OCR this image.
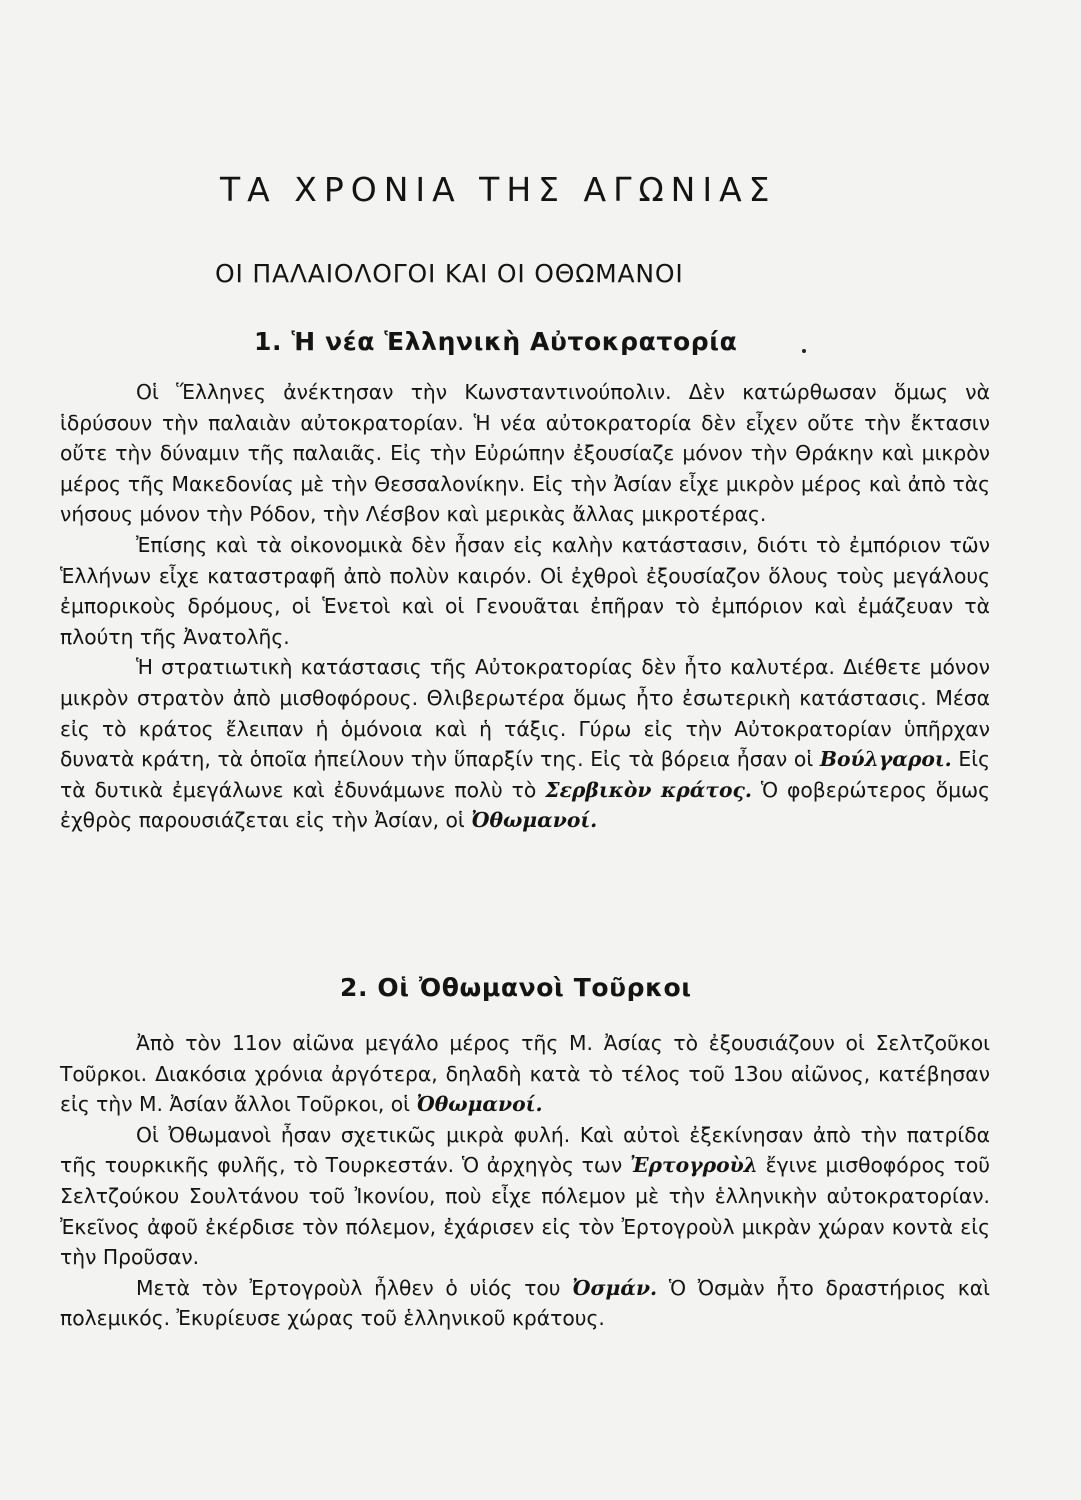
ΤΑ ΧΡΟΝΙΑ ΤΗΣ ΑΓΩΝΙΑΣ
ΟΙ ΠΑΛΑΙΟΛΟΓΟΙ ΚΑΙ ΟΙ ΟΘΩΜΑΝΟΙ
1. Ἡ νέα Ἑλληνικὴ Αὐτοκρατορία

Οἱ Ἕλληνες ἀνέκτησαν τὴν Κωνσταντινούπολιν. Δὲν κατώρθωσαν ὅμως νὰ ἱδρύσουν τὴν παλαιὰν αὐτοκρατορίαν. Ἡ νέα αὐτοκρατορία δὲν εἶχεν οὔτε τὴν ἔκτασιν οὔτε τὴν δύναμιν τῆς παλαιᾶς. Εἰς τὴν Εὐρώπην ἐξουσίαζε μόνον τὴν Θράκην καὶ μικρὸν μέρος τῆς Μακεδονίας μὲ τὴν Θεσσαλονίκην. Εἰς τὴν Ἀσίαν εἶχε μικρὸν μέρος καὶ ἀπὸ τὰς νήσους μόνον τὴν Ρόδον, τὴν Λέσβον καὶ μερικὰς ἄλλας μικροτέρας.

Ἐπίσης καὶ τὰ οἰκονομικὰ δὲν ἦσαν εἰς καλὴν κατάστασιν, διότι τὸ ἐμπόριον τῶν Ἑλλήνων εἶχε καταστραφῆ ἀπὸ πολὺν καιρόν. Οἱ ἐχθροὶ ἐξουσίαζον ὅλους τοὺς μεγάλους ἐμπορικοὺς δρόμους, οἱ Ἑνετοὶ καὶ οἱ Γενουᾶται ἐπῆραν τὸ ἐμπόριον καὶ ἐμάζευαν τὰ πλούτη τῆς Ἀνατολῆς.

Ἡ στρατιωτικὴ κατάστασις τῆς Αὐτοκρατορίας δὲν ἦτο καλυτέρα. Διέθετε μόνον μικρὸν στρατὸν ἀπὸ μισθοφόρους. Θλιβερωτέρα ὅμως ἦτο ἐσωτερικὴ κατάστασις. Μέσα εἰς τὸ κράτος ἔλειπαν ἡ ὁμόνοια καὶ ἡ τάξις. Γύρω εἰς τὴν Αὐτοκρατορίαν ὑπῆρχαν δυνατὰ κράτη, τὰ ὁποῖα ἠπείλουν τὴν ὕπαρξίν της. Εἰς τὰ βόρεια ἦσαν οἱ Βούλγαροι. Εἰς τὰ δυτικὰ ἐμεγάλωνε καὶ ἐδυνάμωνε πολὺ τὸ Σερβικὸν κράτος. Ὁ φοβερώτερος ὅμως ἐχθρὸς παρουσιάζεται εἰς τὴν Ἀσίαν, οἱ Ὀθωμανοί.

2. Οἱ Ὀθωμανοὶ Τοῦρκοι

Ἀπὸ τὸν 11ον αἰῶνα μεγάλο μέρος τῆς Μ. Ἀσίας τὸ ἐξουσιάζουν οἱ Σελτζοῦκοι Τοῦρκοι. Διακόσια χρόνια ἀργότερα, δηλαδὴ κατὰ τὸ τέλος τοῦ 13ου αἰῶνος, κατέβησαν εἰς τὴν Μ. Ἀσίαν ἄλλοι Τοῦρκοι, οἱ Ὀθωμανοί.

Οἱ Ὀθωμανοὶ ἦσαν σχετικῶς μικρὰ φυλή. Καὶ αὐτοὶ ἐξεκίνησαν ἀπὸ τὴν πατρίδα τῆς τουρκικῆς φυλῆς, τὸ Τουρκεστάν. Ὁ ἀρχηγὸς των Ἐρτογροὺλ ἔγινε μισθοφόρος τοῦ Σελτζούκου Σουλτάνου τοῦ Ἰκονίου, ποὺ εἶχε πόλεμον μὲ τὴν ἑλληνικὴν αὐτοκρατορίαν. Ἐκεῖνος ἀφοῦ ἐκέρδισε τὸν πόλεμον, ἐχάρισεν εἰς τὸν Ἐρτογροὺλ μικρὰν χώραν κοντὰ εἰς τὴν Προῦσαν.

Μετὰ τὸν Ἐρτογροὺλ ἦλθεν ὁ υἱός του Ὀσμάν. Ὁ Ὀσμὰν ἦτο δραστήριος καὶ πολεμικός. Ἐκυρίευσε χώρας τοῦ ἑλληνικοῦ κράτους.
